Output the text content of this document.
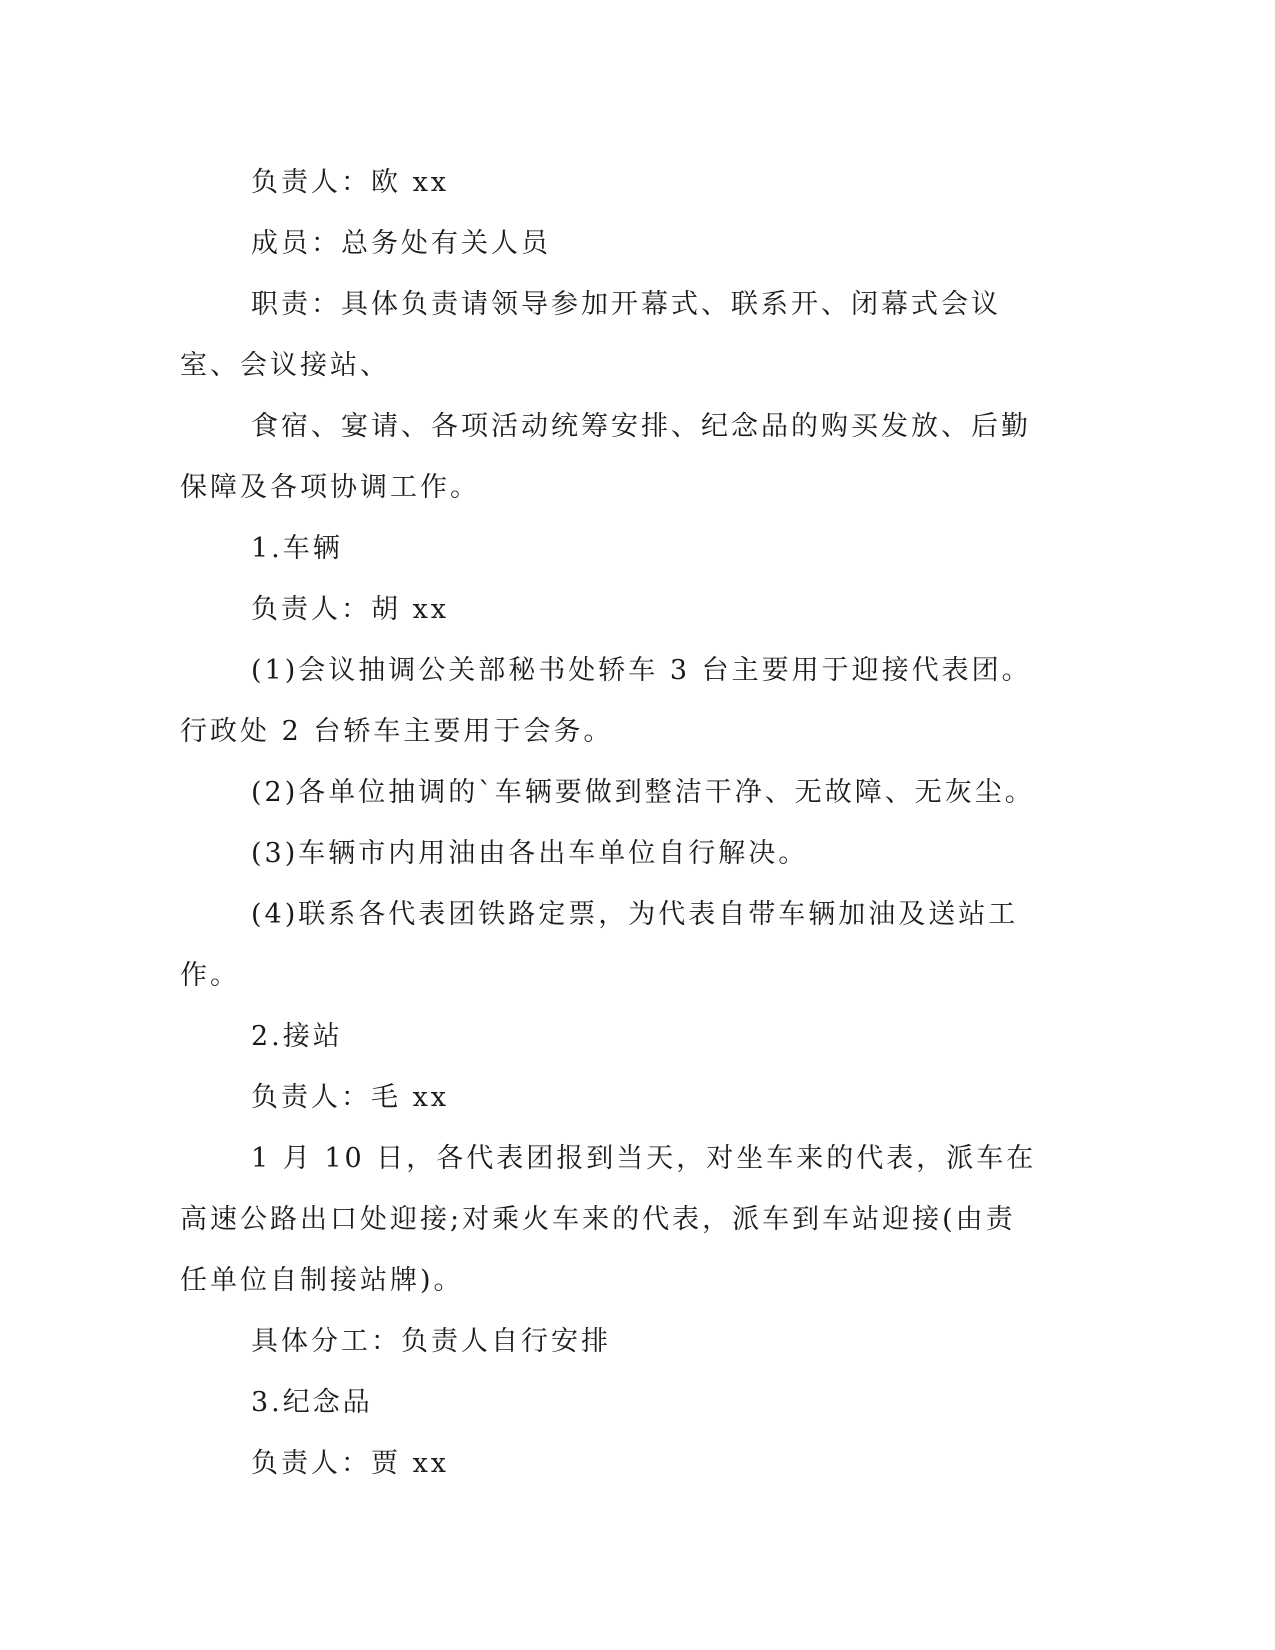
负责人：欧 xx

成员：总务处有关人员

职责：具体负责请领导参加开幕式、联系开、闭幕式会议室、会议接站、

食宿、宴请、各项活动统筹安排、纪念品的购买发放、后勤保障及各项协调工作。

1.车辆

负责人：胡 xx

(1)会议抽调公关部秘书处轿车 3 台主要用于迎接代表团。行政处 2 台轿车主要用于会务。

(2)各单位抽调的`车辆要做到整洁干净、无故障、无灰尘。

(3)车辆市内用油由各出车单位自行解决。

(4)联系各代表团铁路定票，为代表自带车辆加油及送站工作。

2.接站

负责人：毛 xx

1 月 10 日，各代表团报到当天，对坐车来的代表，派车在高速公路出口处迎接;对乘火车来的代表，派车到车站迎接(由责任单位自制接站牌)。

具体分工：负责人自行安排

3.纪念品

负责人：贾 xx
